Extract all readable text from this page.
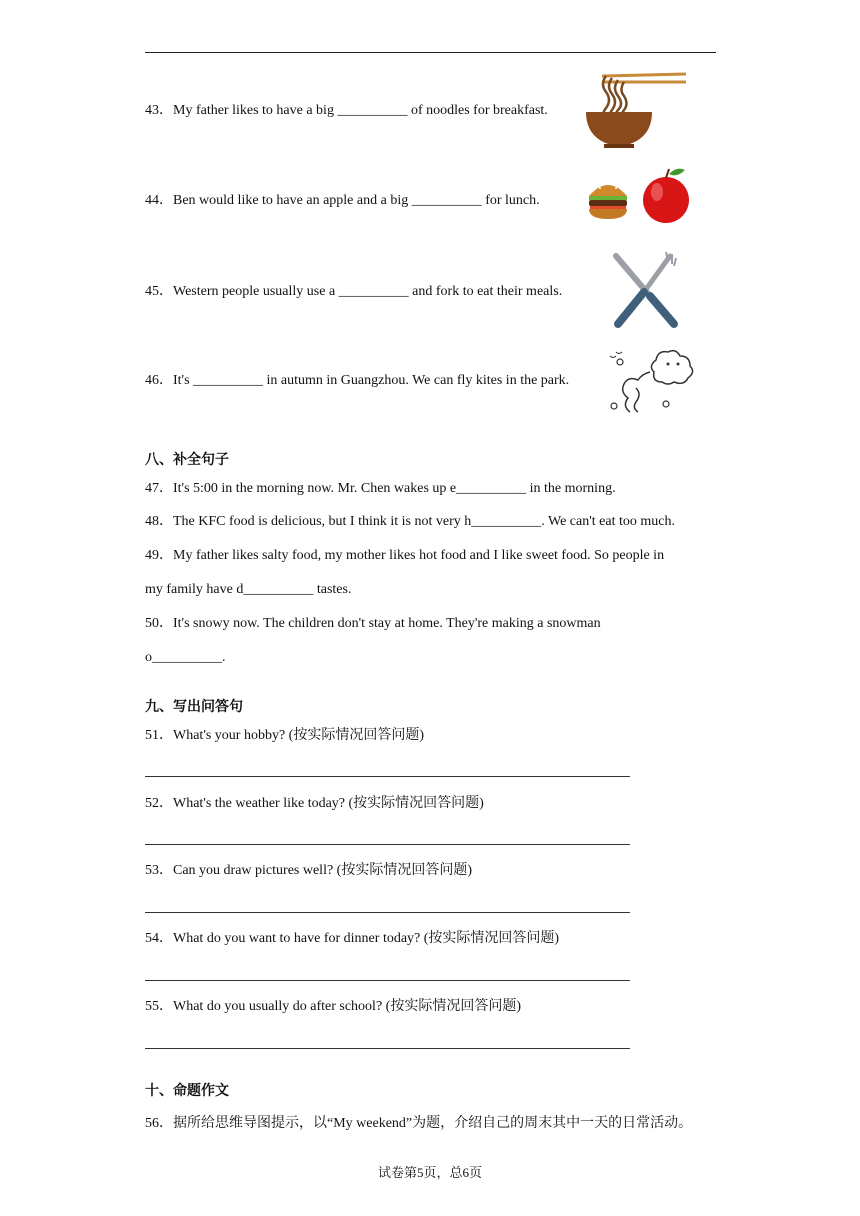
43．My father likes to have a big __________ of noodles for breakfast.
44．Ben would like to have an apple and a big __________ for lunch.
45．Western people usually use a __________ and fork to eat their meals.
46．It's __________ in autumn in Guangzhou. We can fly kites in the park.
八、补全句子
47．It's 5:00 in the morning now. Mr. Chen wakes up e__________ in the morning.
48．The KFC food is delicious, but I think it is not very h__________. We can't eat too much.
49．My father likes salty food, my mother likes hot food and I like sweet food. So people in
my family have d__________ tastes.
50．It's snowy now. The children don't stay at home. They're making a snowman
o__________.
九、写出问答句
51．What's your hobby? (按实际情况回答问题)
52．What's the weather like today? (按实际情况回答问题)
53．Can you draw pictures well? (按实际情况回答问题)
54．What do you want to have for dinner today? (按实际情况回答问题)
55．What do you usually do after school? (按实际情况回答问题)
十、命题作文
56．据所给思维导图提示，以“My weekend”为题，介绍自己的周末其中一天的日常活动。
试卷第5页，总6页
